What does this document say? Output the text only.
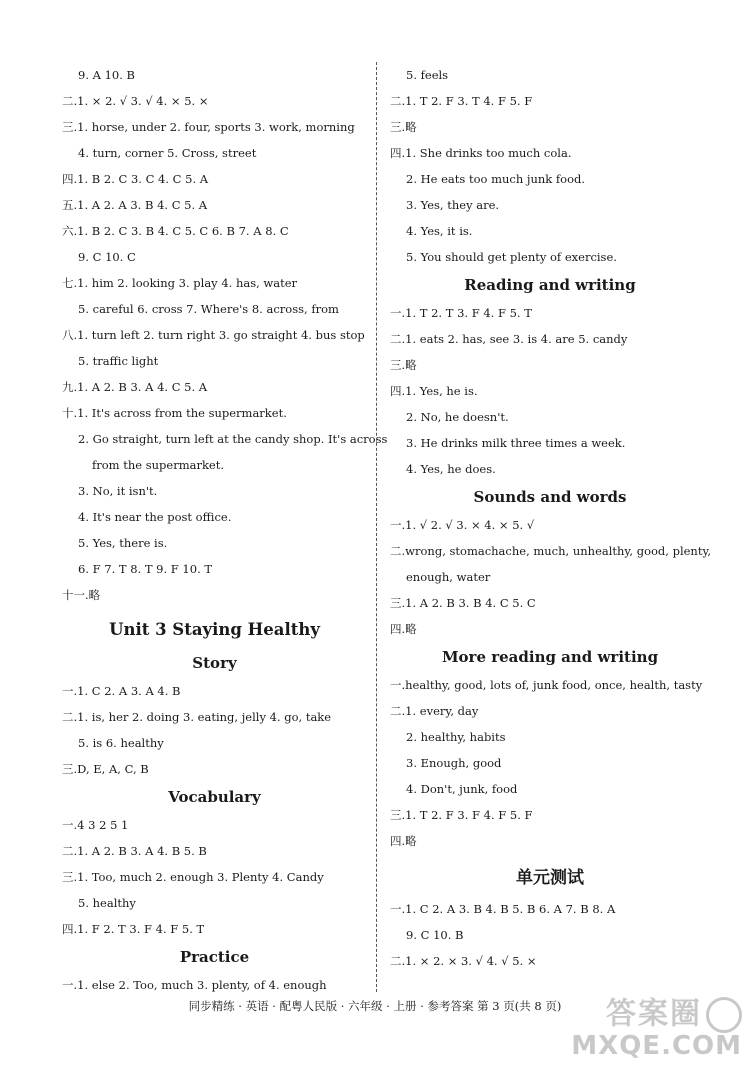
9. A 10. B
二.1. × 2. √ 3. √ 4. × 5. ×
三.1. horse, under 2. four, sports 3. work, morning
4. turn, corner 5. Cross, street
四.1. B 2. C 3. C 4. C 5. A
五.1. A 2. A 3. B 4. C 5. A
六.1. B 2. C 3. B 4. C 5. C 6. B 7. A 8. C
9. C 10. C
七.1. him 2. looking 3. play 4. has, water
5. careful 6. cross 7. Where's 8. across, from
八.1. turn left 2. turn right 3. go straight 4. bus stop
5. traffic light
九.1. A 2. B 3. A 4. C 5. A
十.1. It's across from the supermarket.
2. Go straight, turn left at the candy shop. It's across
from the supermarket.
3. No, it isn't.
4. It's near the post office.
5. Yes, there is.
6. F 7. T 8. T 9. F 10. T
十一.略
Unit 3 Staying Healthy
Story
一.1. C 2. A 3. A 4. B
二.1. is, her 2. doing 3. eating, jelly 4. go, take
5. is 6. healthy
三.D, E, A, C, B
Vocabulary
一.4 3 2 5 1
二.1. A 2. B 3. A 4. B 5. B
三.1. Too, much 2. enough 3. Plenty 4. Candy
5. healthy
四.1. F 2. T 3. F 4. F 5. T
Practice
一.1. else 2. Too, much 3. plenty, of 4. enough
5. feels
二.1. T 2. F 3. T 4. F 5. F
三.略
四.1. She drinks too much cola.
2. He eats too much junk food.
3. Yes, they are.
4. Yes, it is.
5. You should get plenty of exercise.
Reading and writing
一.1. T 2. T 3. F 4. F 5. T
二.1. eats 2. has, see 3. is 4. are 5. candy
三.略
四.1. Yes, he is.
2. No, he doesn't.
3. He drinks milk three times a week.
4. Yes, he does.
Sounds and words
一.1. √ 2. √ 3. × 4. × 5. √
二.wrong, stomachache, much, unhealthy, good, plenty,
enough, water
三.1. A 2. B 3. B 4. C 5. C
四.略
More reading and writing
一.healthy, good, lots of, junk food, once, health, tasty
二.1. every, day
2. healthy, habits
3. Enough, good
4. Don't, junk, food
三.1. T 2. F 3. F 4. F 5. F
四.略
单元测试
一.1. C 2. A 3. B 4. B 5. B 6. A 7. B 8. A
9. C 10. B
二.1. × 2. × 3. √ 4. √ 5. ×
同步精练 · 英语 · 配粤人民版 · 六年级 · 上册 · 参考答案 第 3 页(共 8 页)	答案圈
MXQE.COM
